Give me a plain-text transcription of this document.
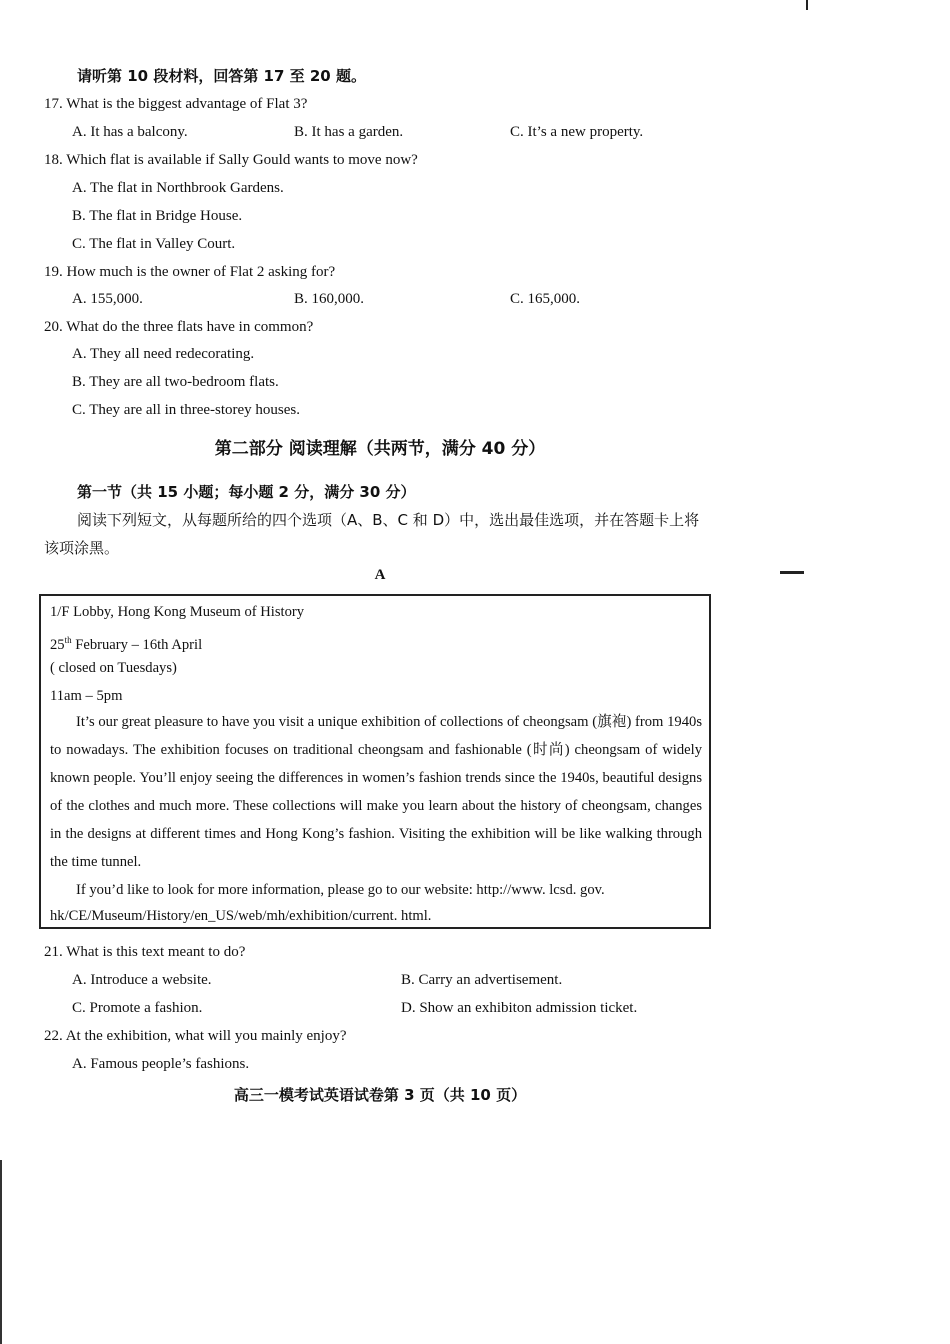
请听第 10 段材料，回答第 17 至 20 题。
17. What is the biggest advantage of Flat 3?
A. It has a balcony.	B. It has a garden.	C. It’s a new property.
18. Which flat is available if Sally Gould wants to move now?
A. The flat in Northbrook Gardens.
B. The flat in Bridge House.
C. The flat in Valley Court.
19. How much is the owner of Flat 2 asking for?
A. 155,000.	B. 160,000.	C. 165,000.
20. What do the three flats have in common?
A. They all need redecorating.
B. They are all two-bedroom flats.
C. They are all in three-storey houses.
第二部分 阅读理解（共两节，满分 40 分）
第一节（共 15 小题；每小题 2 分，满分 30 分）
阅读下列短文，从每题所给的四个选项（A、B、C 和 D）中，选出最佳选项，并在答题卡上将
该项涂黑。
A
1/F Lobby, Hong Kong Museum of History
25th February – 16th April
( closed on Tuesdays)
11am – 5pm
It’s our great pleasure to have you visit a unique exhibition of collections of cheongsam (旗袍) from 1940s to nowadays. The exhibition focuses on traditional cheongsam and fashionable (时尚) cheongsam of widely known people. You’ll enjoy seeing the differences in women’s fashion trends since the 1940s, beautiful designs of the clothes and much more. These collections will make you learn about the history of cheongsam, changes in the designs at different times and Hong Kong’s fashion. Visiting the exhibition will be like walking through the time tunnel.
If you’d like to look for more information, please go to our website: http://www. lcsd. gov.
hk/CE/Museum/History/en_US/web/mh/exhibition/current. html.
21. What is this text meant to do?
A. Introduce a website.	B. Carry an advertisement.
C. Promote a fashion.	D. Show an exhibiton admission ticket.
22. At the exhibition, what will you mainly enjoy?
A. Famous people’s fashions.
高三一模考试英语试卷第 3 页（共 10 页）
